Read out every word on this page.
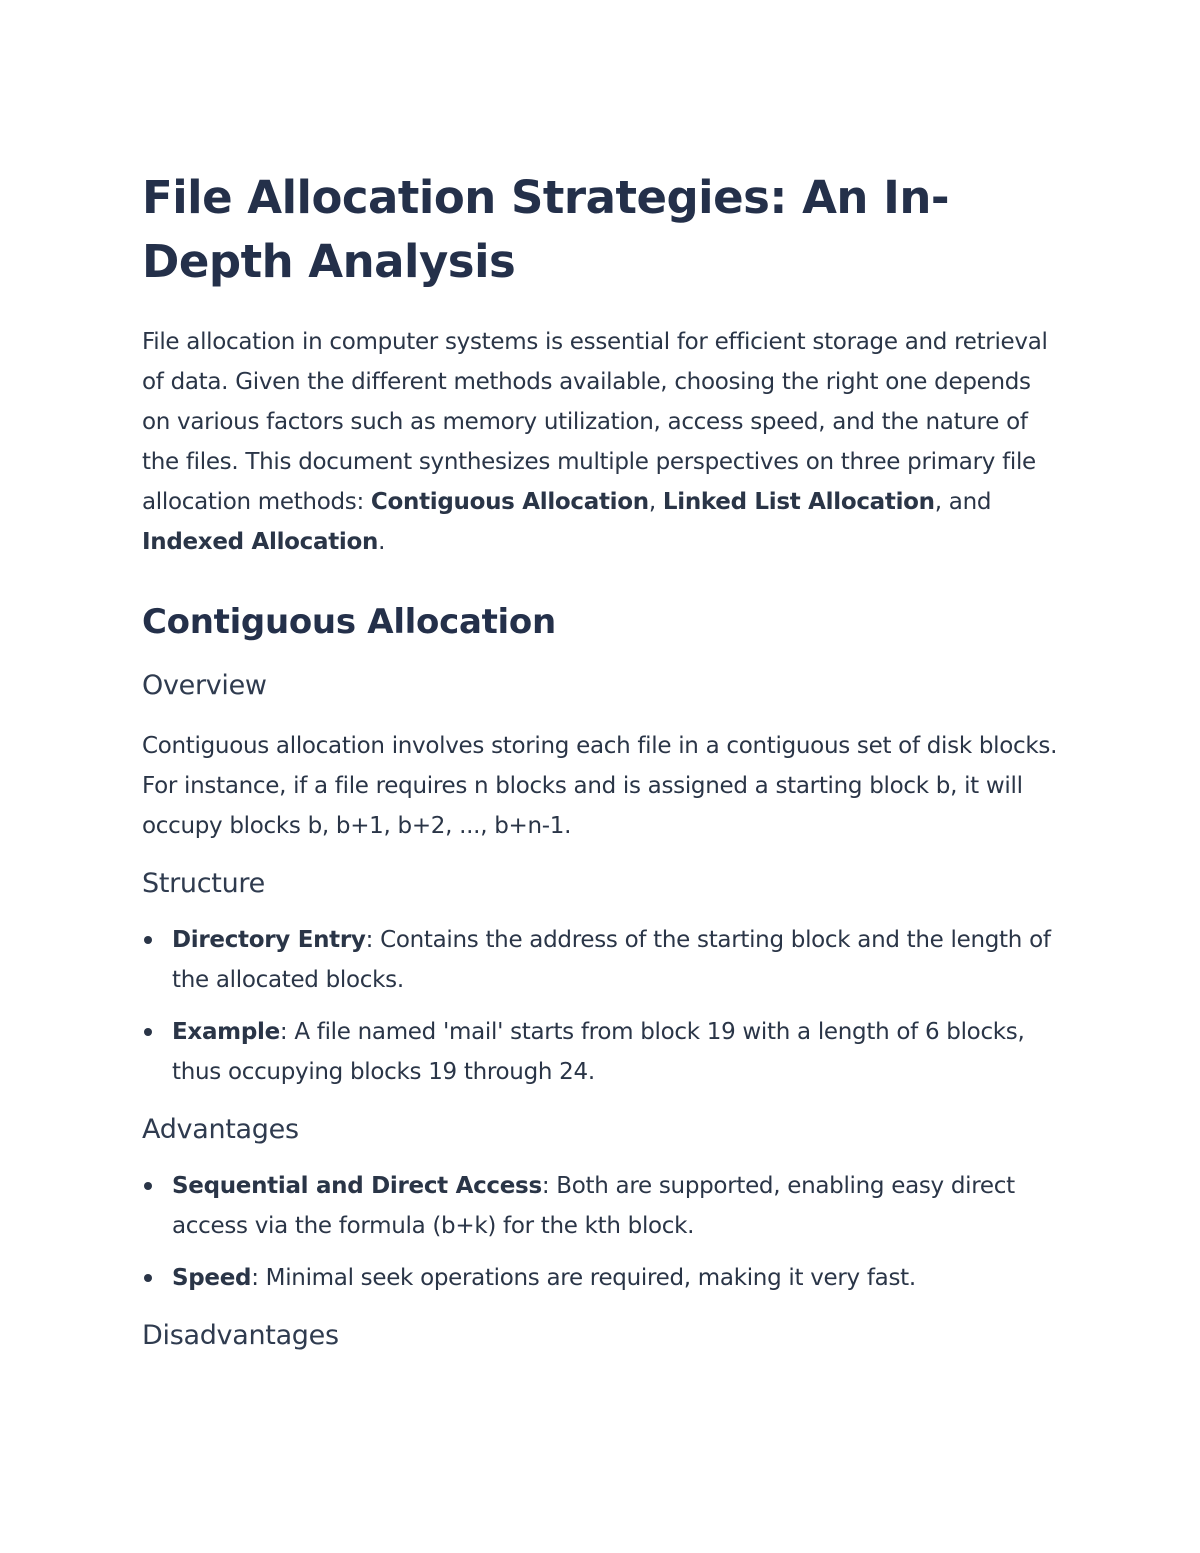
File Allocation Strategies: An In-Depth Analysis

File allocation in computer systems is essential for efficient storage and retrieval of data. Given the different methods available, choosing the right one depends on various factors such as memory utilization, access speed, and the nature of the files. This document synthesizes multiple perspectives on three primary file allocation methods: Contiguous Allocation, Linked List Allocation, and Indexed Allocation.

Contiguous Allocation
Overview

Contiguous allocation involves storing each file in a contiguous set of disk blocks. For instance, if a file requires n blocks and is assigned a starting block b, it will occupy blocks b, b+1, b+2, ..., b+n-1.

Structure
Directory Entry: Contains the address of the starting block and the length of the allocated blocks.
Example: A file named 'mail' starts from block 19 with a length of 6 blocks, thus occupying blocks 19 through 24.
Advantages
Sequential and Direct Access: Both are supported, enabling easy direct access via the formula (b+k) for the kth block.
Speed: Minimal seek operations are required, making it very fast.
Disadvantages
